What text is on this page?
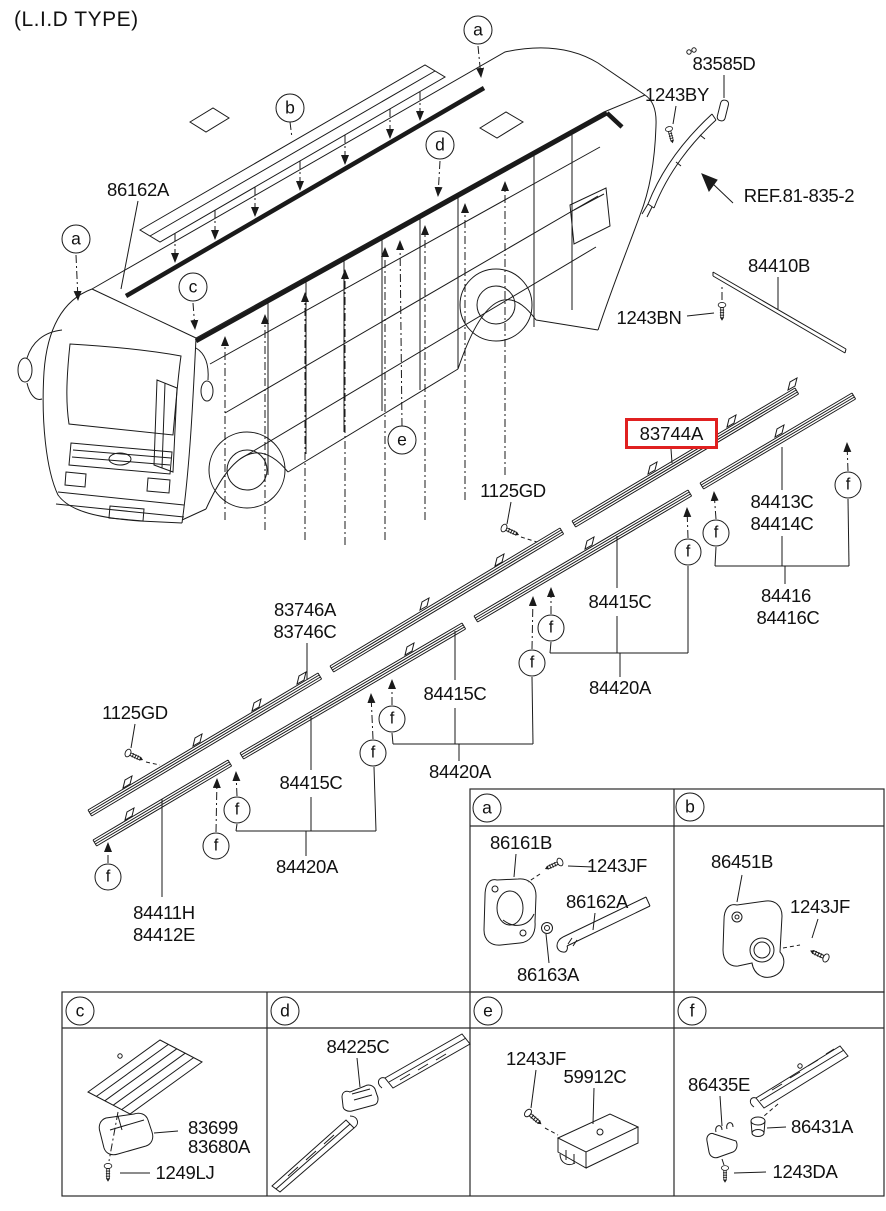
(L.I.D TYPE)
86162A
83585D
1243BY
REF.81-835-2
84410B
1243BN
83744A
84413C
84414C
84416
84416C
84415C
84420A
84415C
84420A
84415C
84420A
1125GD
1125GD
83746A
83746C
84411H
84412E
a
b
d
a
c
e
f
f
f
f
f
f
f
f
f
f
a	b
c	d	e	f
86161B
1243JF
86162A
86163A
86451B
1243JF
83699
83680A
1249LJ
84225C
1243JF
59912C	86435E
86431A
1243DA
